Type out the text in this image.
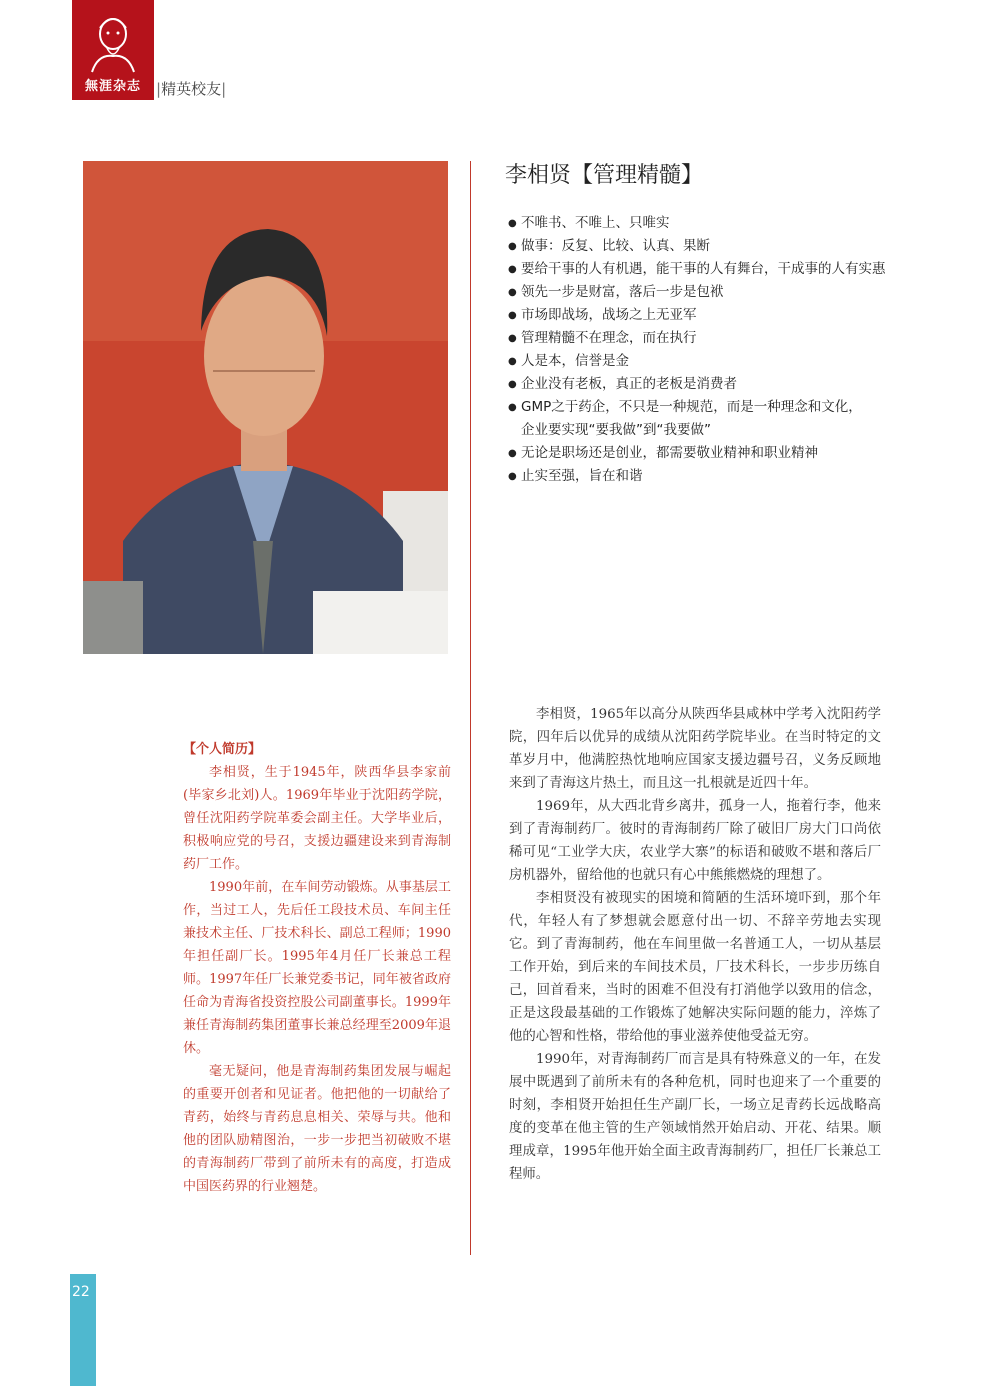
無涯杂志	|精英校友|
李相贤【管理精髓】
● 不唯书、不唯上、只唯实
● 做事：反复、比较、认真、果断
● 要给干事的人有机遇，能干事的人有舞台，干成事的人有实惠
● 领先一步是财富，落后一步是包袱
● 市场即战场，战场之上无亚军
● 管理精髓不在理念，而在执行
● 人是本，信誉是金
● 企业没有老板，真正的老板是消费者
● GMP之于药企，不只是一种规范，而是一种理念和文化，
企业要实现“要我做”到“我要做”
● 无论是职场还是创业，都需要敬业精神和职业精神
● 止实至强，旨在和谐
【个人简历】

李相贤，生于1945年，陕西华县李家前(毕家乡北刘)人。1969年毕业于沈阳药学院，曾任沈阳药学院革委会副主任。大学毕业后，积极响应党的号召，支援边疆建设来到青海制药厂工作。

1990年前，在车间劳动锻炼。从事基层工作，当过工人，先后任工段技术员、车间主任兼技术主任、厂技术科长、副总工程师；1990年担任副厂长。1995年4月任厂长兼总工程师。1997年任厂长兼党委书记，同年被省政府任命为青海省投资控股公司副董事长。1999年兼任青海制药集团董事长兼总经理至2009年退休。

毫无疑问，他是青海制药集团发展与崛起的重要开创者和见证者。他把他的一切献给了青药，始终与青药息息相关、荣辱与共。他和他的团队励精图治，一步一步把当初破败不堪的青海制药厂带到了前所未有的高度，打造成中国医药界的行业翘楚。

李相贤，1965年以高分从陕西华县咸林中学考入沈阳药学院，四年后以优异的成绩从沈阳药学院毕业。在当时特定的文革岁月中，他满腔热忱地响应国家支援边疆号召，义务反顾地来到了青海这片热土，而且这一扎根就是近四十年。

1969年，从大西北背乡离井，孤身一人，拖着行李，他来到了青海制药厂。彼时的青海制药厂除了破旧厂房大门口尚依稀可见“工业学大庆，农业学大寨”的标语和破败不堪和落后厂房机器外，留给他的也就只有心中熊熊燃烧的理想了。

李相贤没有被现实的困境和简陋的生活环境吓到，那个年代，年轻人有了梦想就会愿意付出一切、不辞辛劳地去实现它。到了青海制药，他在车间里做一名普通工人，一切从基层工作开始，到后来的车间技术员，厂技术科长，一步步历练自己，回首看来，当时的困难不但没有打消他学以致用的信念，正是这段最基础的工作锻炼了她解决实际问题的能力，淬炼了他的心智和性格，带给他的事业滋养使他受益无穷。

1990年，对青海制药厂而言是具有特殊意义的一年，在发展中既遇到了前所未有的各种危机，同时也迎来了一个重要的时刻，李相贤开始担任生产副厂长，一场立足青药长远战略高度的变革在他主管的生产领域悄然开始启动、开花、结果。顺理成章，1995年他开始全面主政青海制药厂，担任厂长兼总工程师。

22
